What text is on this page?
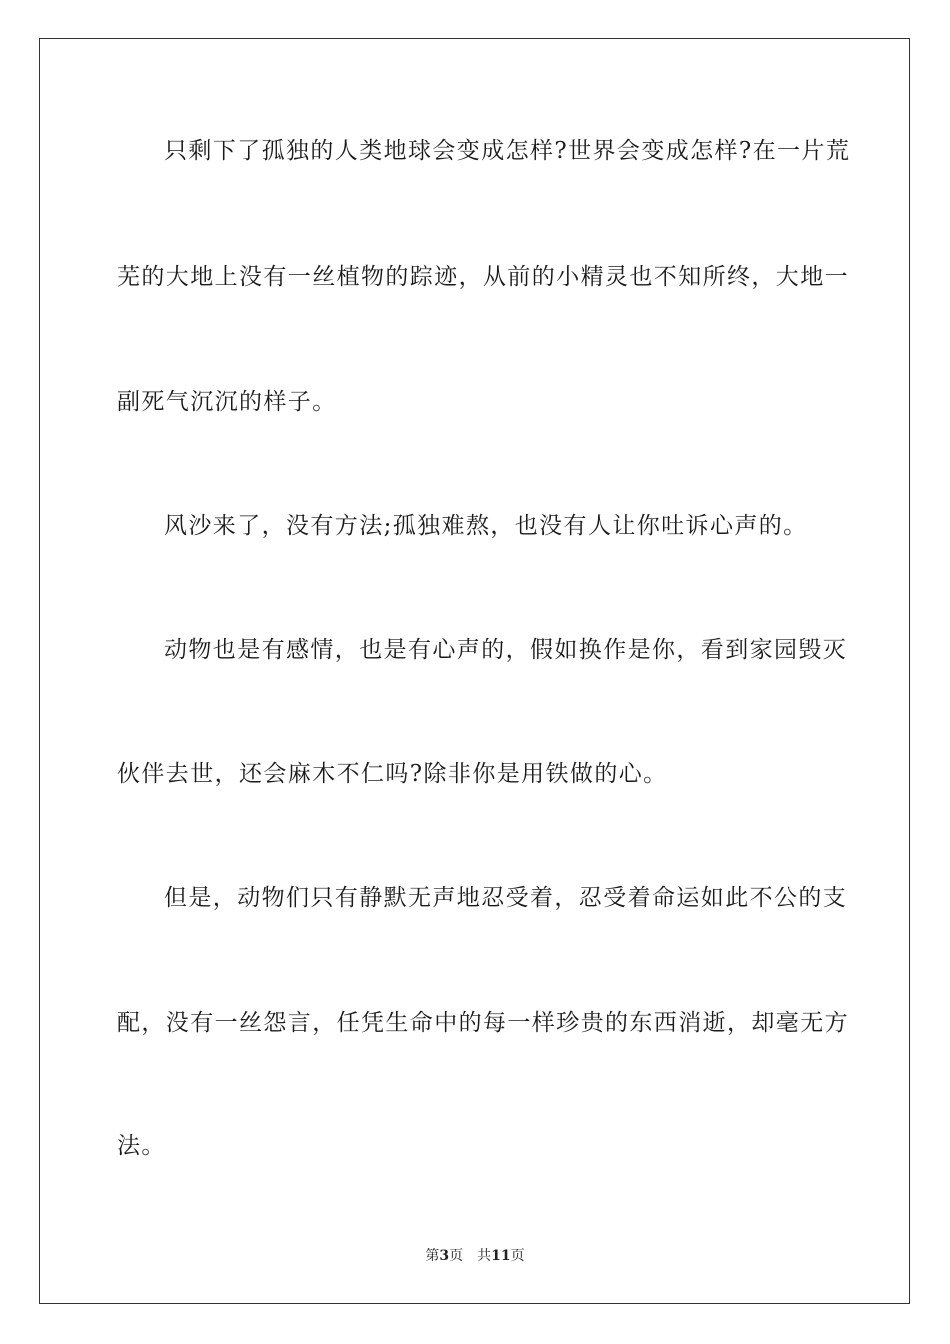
只剩下了孤独的人类地球会变成怎样?世界会变成怎样?在一片荒
芜的大地上没有一丝植物的踪迹，从前的小精灵也不知所终，大地一
副死气沉沉的样子。
风沙来了，没有方法;孤独难熬，也没有人让你吐诉心声的。
动物也是有感情，也是有心声的，假如换作是你，看到家园毁灭
伙伴去世，还会麻木不仁吗?除非你是用铁做的心。
但是，动物们只有静默无声地忍受着，忍受着命运如此不公的支
配，没有一丝怨言，任凭生命中的每一样珍贵的东西消逝，却毫无方
法。
第3页 共11页
